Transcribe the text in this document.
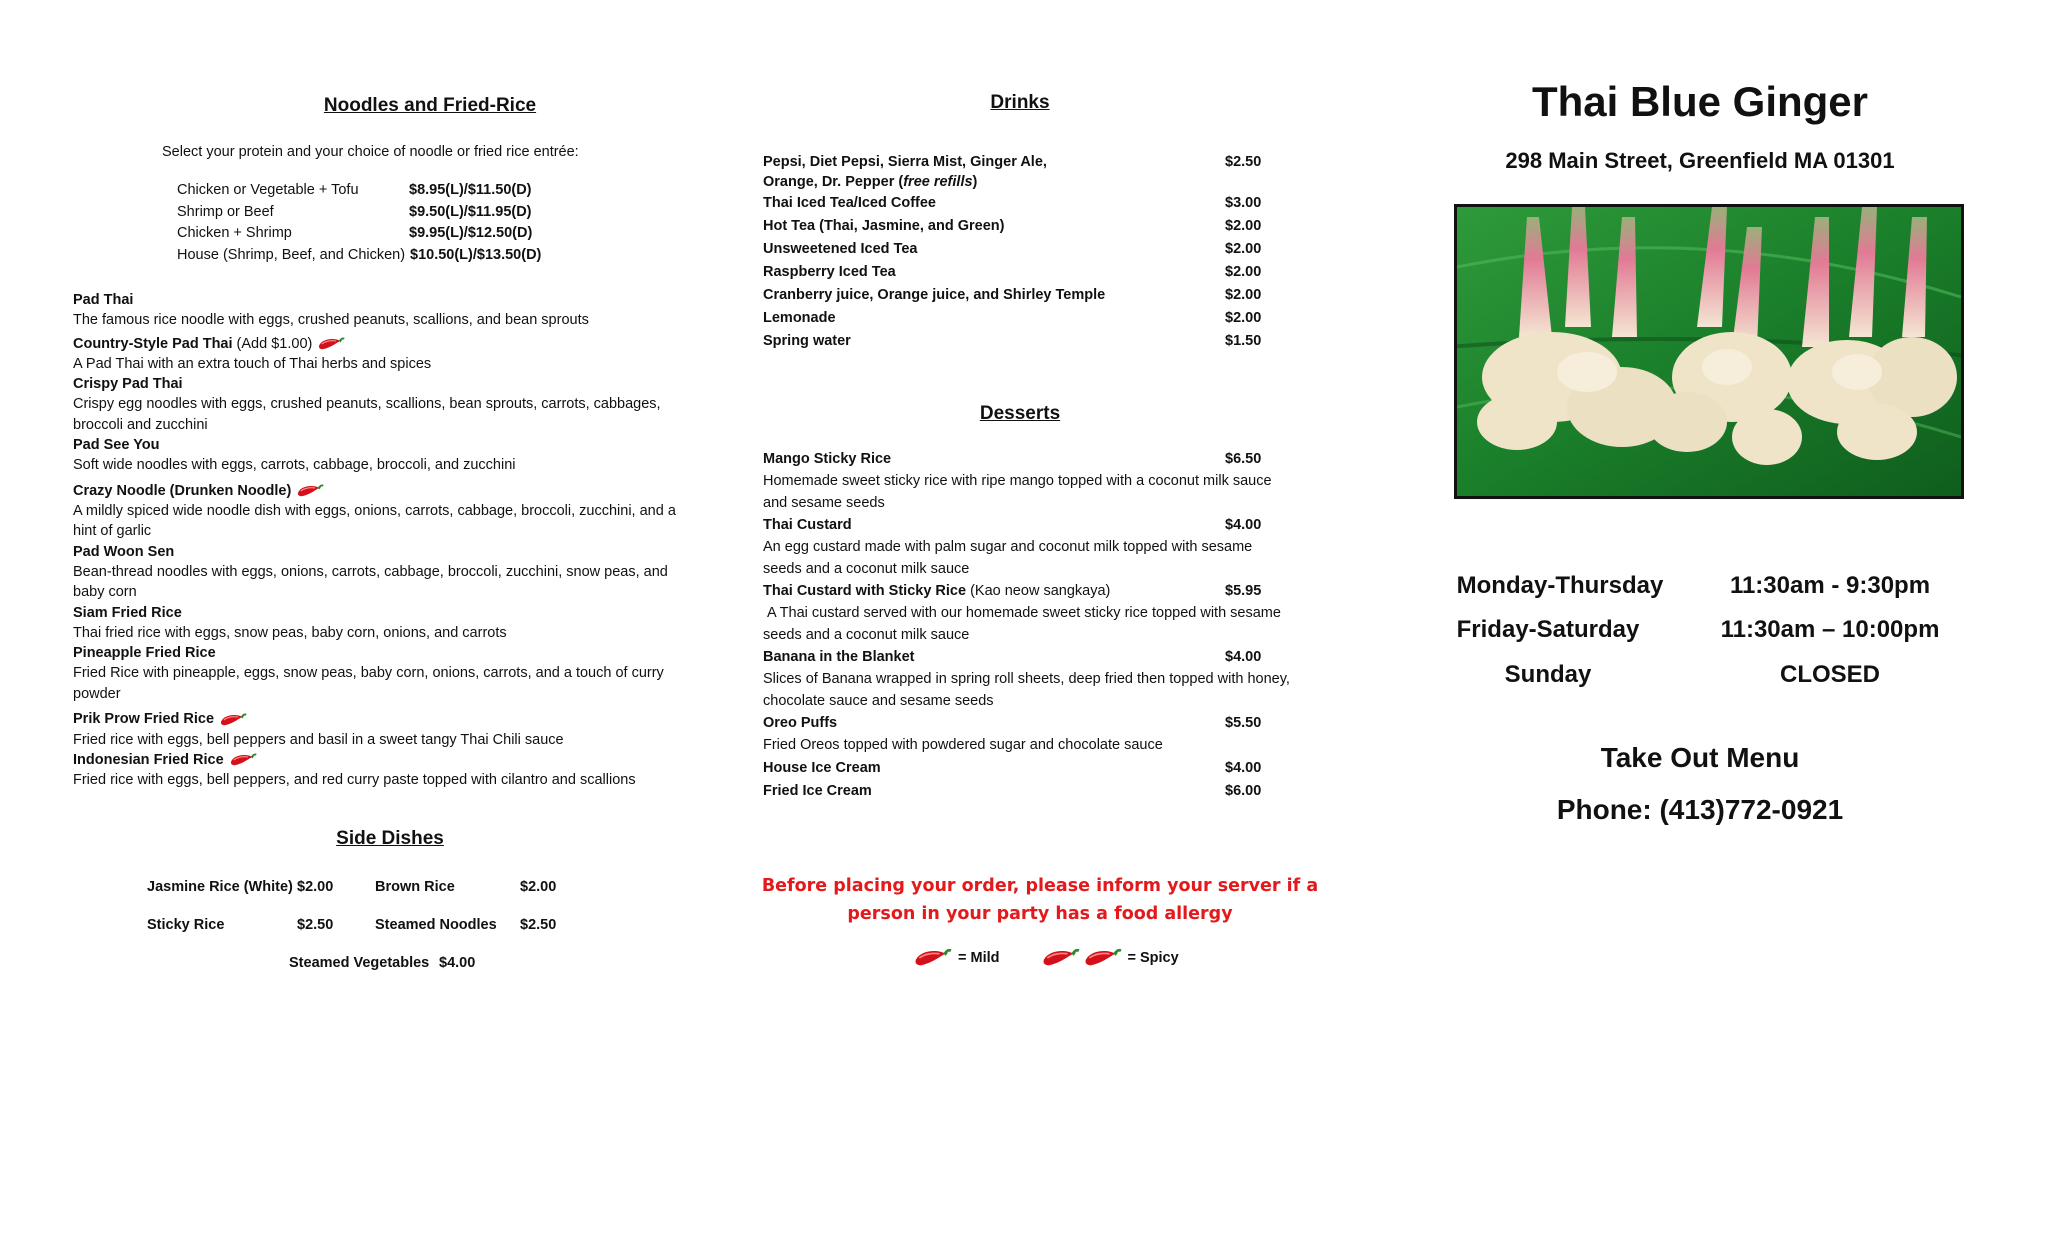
Noodles and Fried-Rice
Select your protein and your choice of noodle or fried rice entrée:
Chicken or Vegetable + Tofu	$8.95(L)/$11.50(D)
Shrimp or Beef	$9.50(L)/$11.95(D)
Chicken + Shrimp	$9.95(L)/$12.50(D)
House (Shrimp, Beef, and Chicken) $10.50(L)/$13.50(D)
Pad Thai
The famous rice noodle with eggs, crushed peanuts, scallions, and bean sprouts
Country-Style Pad Thai (Add $1.00)
A Pad Thai with an extra touch of Thai herbs and spices
Crispy Pad Thai
Crispy egg noodles with eggs, crushed peanuts, scallions, bean sprouts, carrots, cabbages, broccoli and zucchini
Pad See You
Soft wide noodles with eggs, carrots, cabbage, broccoli, and zucchini
Crazy Noodle (Drunken Noodle)
A mildly spiced wide noodle dish with eggs, onions, carrots, cabbage, broccoli, zucchini, and a hint of garlic
Pad Woon Sen
Bean-thread noodles with eggs, onions, carrots, cabbage, broccoli, zucchini, snow peas, and baby corn
Siam Fried Rice
Thai fried rice with eggs, snow peas, baby corn, onions, and carrots
Pineapple Fried Rice
Fried Rice with pineapple, eggs, snow peas, baby corn, onions, carrots, and a touch of curry powder
Prik Prow Fried Rice
Fried rice with eggs, bell peppers and basil in a sweet tangy Thai Chili sauce
Indonesian Fried Rice
Fried rice with eggs, bell peppers, and red curry paste topped with cilantro and scallions
Side Dishes
Jasmine Rice (White) $2.00	Brown Rice	$2.00
Sticky Rice	$2.50	Steamed Noodles	$2.50
Steamed Vegetables $4.00
Drinks
Pepsi, Diet Pepsi, Sierra Mist, Ginger Ale,
Orange, Dr. Pepper (free refills)
$2.50
Thai Iced Tea/Iced Coffee	$3.00
Hot Tea (Thai, Jasmine, and Green)	$2.00
Unsweetened Iced Tea	$2.00
Raspberry Iced Tea	$2.00
Cranberry juice, Orange juice, and Shirley Temple	$2.00
Lemonade	$2.00
Spring water	$1.50
Desserts
Mango Sticky Rice	$6.50
Homemade sweet sticky rice with ripe mango topped with a coconut milk sauce and sesame seeds
Thai Custard	$4.00
An egg custard made with palm sugar and coconut milk topped with sesame seeds and a coconut milk sauce
Thai Custard with Sticky Rice (Kao neow sangkaya)	$5.95
A Thai custard served with our homemade sweet sticky rice topped with sesame seeds and a coconut milk sauce
Banana in the Blanket	$4.00
Slices of Banana wrapped in spring roll sheets, deep fried then topped with honey, chocolate sauce and sesame seeds
Oreo Puffs	$5.50
Fried Oreos topped with powdered sugar and chocolate sauce
House Ice Cream	$4.00
Fried Ice Cream	$6.00
Before placing your order, please inform your server if a person in your party has a food allergy
= Mild	= Spicy
Thai Blue Ginger
298 Main Street, Greenfield MA 01301
Monday-Thursday	11:30am - 9:30pm
Friday-Saturday	11:30am – 10:00pm
Sunday	CLOSED
Take Out Menu
Phone: (413)772-0921
